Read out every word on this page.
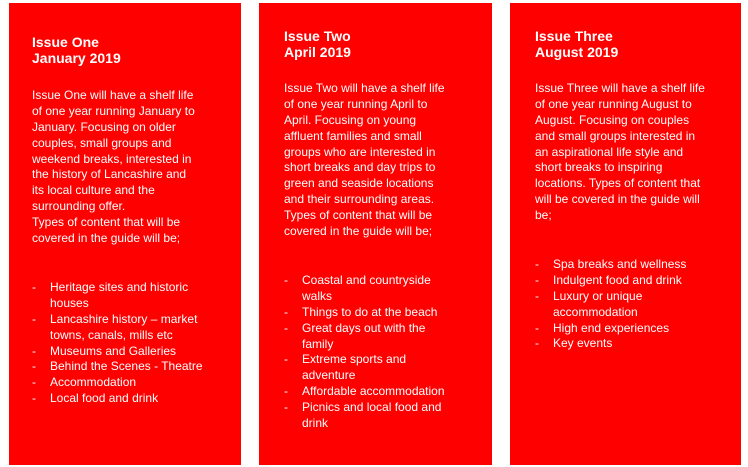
Issue One
January 2019
Issue One will have a shelf life
of one year running January to
January. Focusing on older
couples, small groups and
weekend breaks, interested in
the history of Lancashire and
its local culture and the
surrounding offer.
Types of content that will be
covered in the guide will be;
- Heritage sites and historic
houses
- Lancashire history – market
towns, canals, mills etc
- Museums and Galleries
- Behind the Scenes - Theatre
- Accommodation
- Local food and drink
Issue Two
April 2019
Issue Two will have a shelf life
of one year running April to
April. Focusing on young
affluent families and small
groups who are interested in
short breaks and day trips to
green and seaside locations
and their surrounding areas.
Types of content that will be
covered in the guide will be;
- Coastal and countryside
walks
- Things to do at the beach
- Great days out with the
family
- Extreme sports and
adventure
- Affordable accommodation
- Picnics and local food and
drink
Issue Three
August 2019
Issue Three will have a shelf life
of one year running August to
August. Focusing on couples
and small groups interested in
an aspirational life style and
short breaks to inspiring
locations. Types of content that
will be covered in the guide will
be;
- Spa breaks and wellness
- Indulgent food and drink
- Luxury or unique
accommodation
- High end experiences
- Key events
